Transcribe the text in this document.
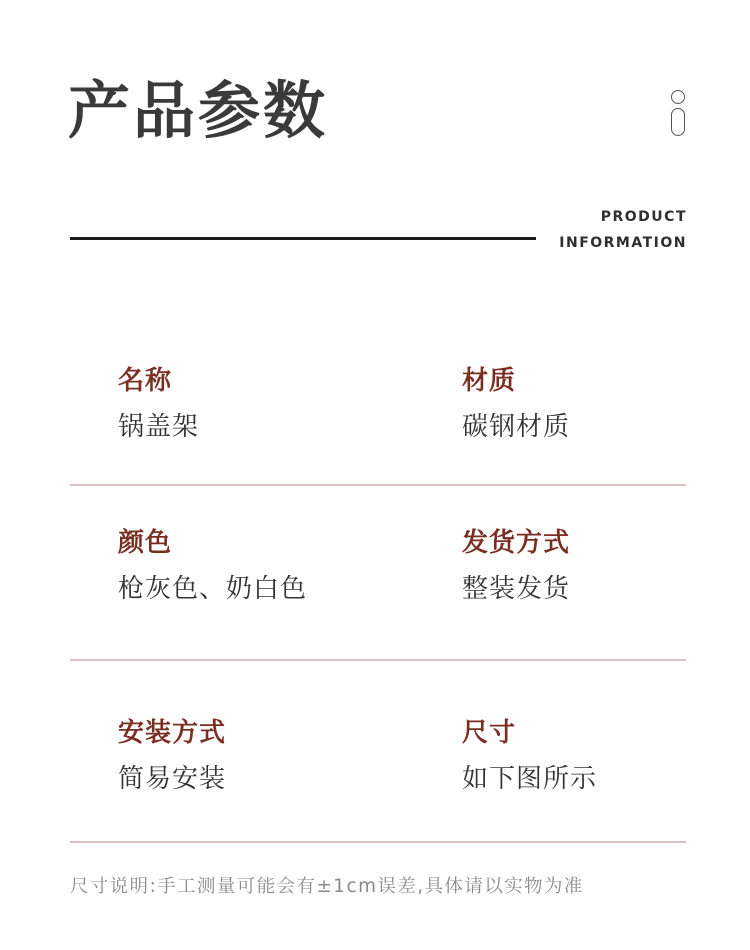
产品参数
PRODUCT
INFORMATION
名称
锅盖架
材质
碳钢材质
颜色
枪灰色、奶白色
发货方式
整装发货
安装方式
简易安装
尺寸
如下图所示
尺寸说明:手工测量可能会有±1cm误差,具体请以实物为准
